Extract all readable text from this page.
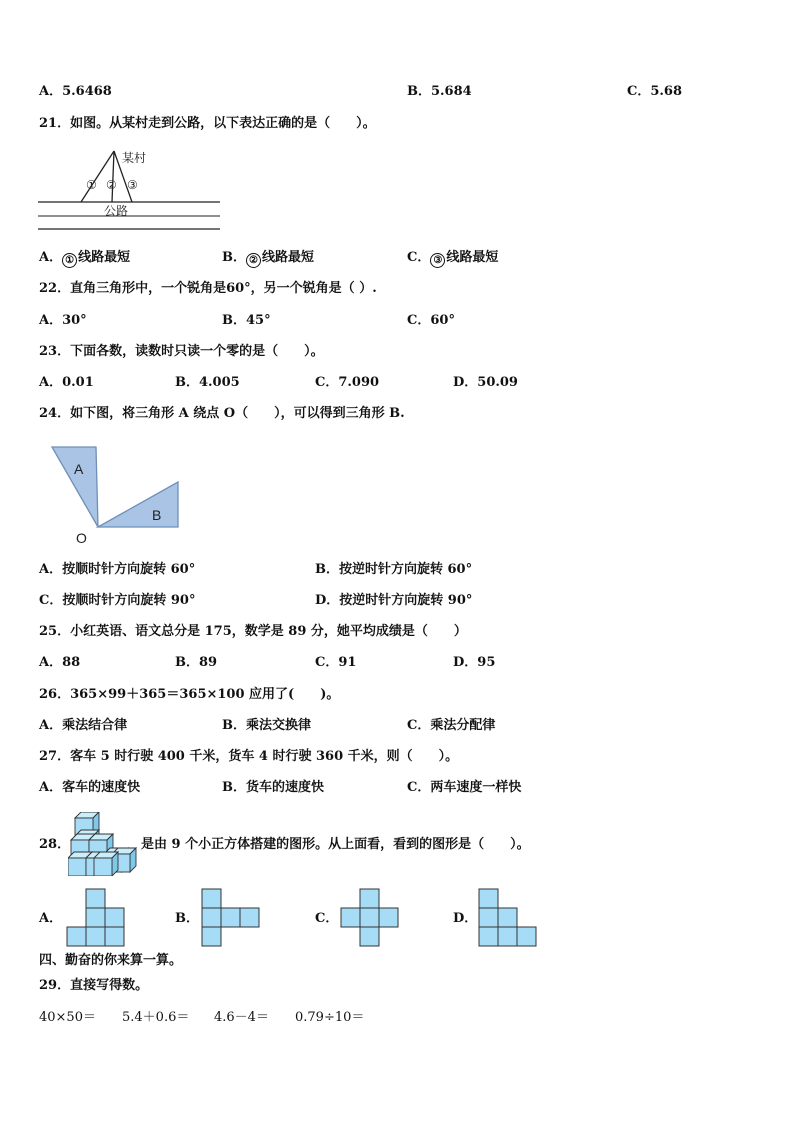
A．5.6468	B．5.684	C．5.68
21．如图。从某村走到公路，以下表达正确的是（　　）。
某村
公路
① ② ③
A． ① 线路最短	B． ② 线路最短	C． ③ 线路最短
22．直角三角形中，一个锐角是60°，另一个锐角是（ ）.
A．30°	B．45°	C．60°
23．下面各数，读数时只读一个零的是（　　）。
A．0.01	B．4.005	C．7.090	D．50.09
24．如下图，将三角形 A 绕点 O（　　），可以得到三角形 B.
A
B
O
A．按顺时针方向旋转 60°	B．按逆时针方向旋转 60°
C．按顺时针方向旋转 90°	D．按逆时针方向旋转 90°
25．小红英语、语文总分是 175，数学是 89 分，她平均成绩是（　　）
A．88	B．89	C．91	D．95
26．365×99＋365＝365×100 应用了(　　)。
A．乘法结合律	B．乘法交换律	C．乘法分配律
27．客车 5 时行驶 400 千米，货车 4 时行驶 360 千米，则（　　）。
A．客车的速度快	B．货车的速度快	C．两车速度一样快
28．	是由 9 个小正方体搭建的图形。从上面看，看到的图形是（　　）。
A．	B．	C．	D．
四、勤奋的你来算一算。
29．直接写得数。
40×50＝ 5.4＋0.6＝ 4.6－4＝ 0.79÷10＝
